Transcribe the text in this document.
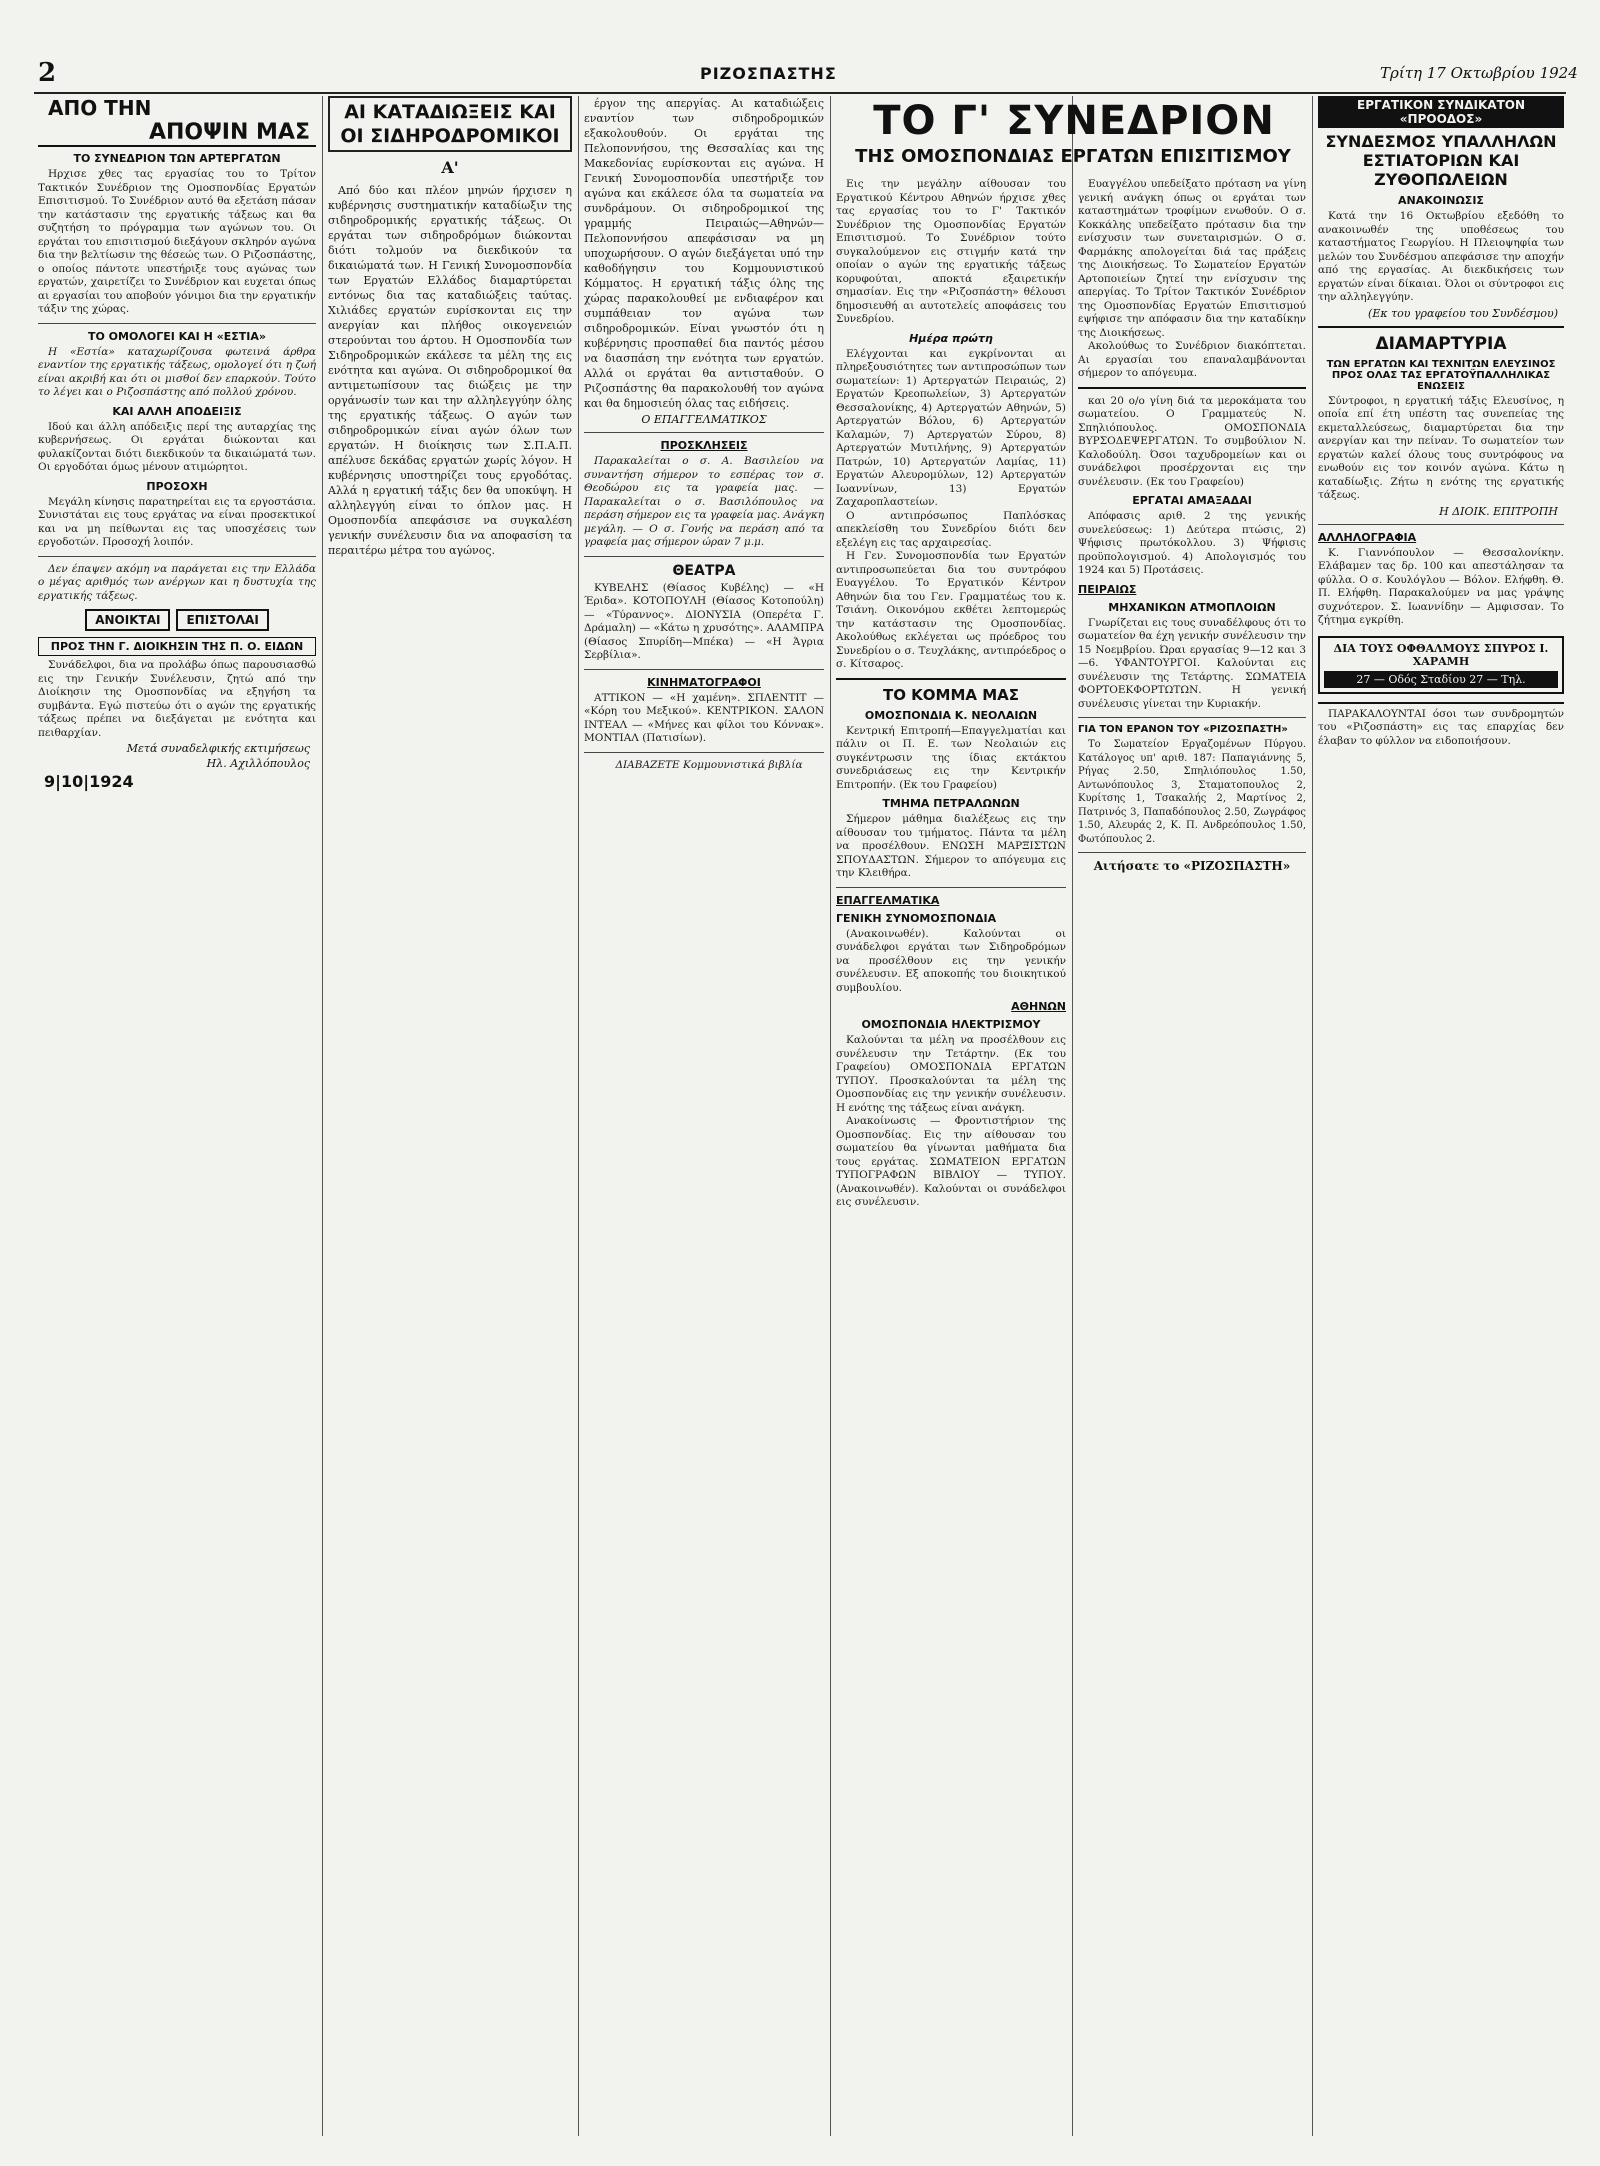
2	ΡΙΖΟΣΠΑΣΤΗΣ	Τρίτη 17 Οκτωβρίου 1924
ΑΠΟ ΤΗΝ
ΑΠΟΨΙΝ ΜΑΣ
ΤΟ ΣΥΝΕΔΡΙΟΝ ΤΩΝ ΑΡΤΕΡΓΑΤΩΝ
Ηρχισε χθες τας εργασίας του το Τρίτον Τακτικόν Συνέδριον της Ομοσπονδίας Εργατών Επισιτισμού. Το Συνέδριον αυτό θα εξετάση πάσαν την κατάστασιν της εργατικής τάξεως και θα συζητήση το πρόγραμμα των αγώνων του. Οι εργάται του επισιτισμού διεξάγουν σκληρόν αγώνα δια την βελτίωσιν της θέσεώς των. Ο Ριζοσπάστης, ο οποίος πάντοτε υπεστήριξε τους αγώνας των εργατών, χαιρετίζει το Συνέδριον και ευχεται όπως αι εργασίαι του αποβούν γόνιμοι δια την εργατικήν τάξιν της χώρας.
ΤΟ ΟΜΟΛΟΓΕΙ ΚΑΙ Η «ΕΣΤΙΑ»
Η «Εστία» καταχωρίζουσα φωτεινά άρθρα εναντίον της εργατικής τάξεως, ομολογεί ότι η ζωή είναι ακριβή και ότι οι μισθοί δεν επαρκούν. Τούτο το λέγει και ο Ριζοσπάστης από πολλού χρόνου.
ΚΑΙ ΑΛΛΗ ΑΠΟΔΕΙΞΙΣ
Ιδού και άλλη απόδειξις περί της αυταρχίας της κυβερνήσεως. Οι εργάται διώκονται και φυλακίζονται διότι διεκδικούν τα δικαιώματά των. Οι εργοδόται όμως μένουν ατιμώρητοι.
ΠΡΟΣΟΧΗ
Μεγάλη κίνησις παρατηρείται εις τα εργοστάσια. Συνιστάται εις τους εργάτας να είναι προσεκτικοί και να μη πείθωνται εις τας υποσχέσεις των εργοδοτών. Προσοχή λοιπόν.
Δεν έπαψεν ακόμη να παράγεται εις την Ελλάδα ο μέγας αριθμός των ανέργων και η δυστυχία της εργατικής τάξεως.
ΑΝΟΙΚΤΑΙ	ΕΠΙΣΤΟΛΑΙ
ΠΡΟΣ ΤΗΝ Γ. ΔΙΟΙΚΗΣΙΝ ΤΗΣ Π. Ο. ΕΙΔΩΝ
Συνάδελφοι, δια να προλάβω όπως παρουσιασθώ εις την Γενικήν Συνέλευσιν, ζητώ από την Διοίκησιν της Ομοσπονδίας να εξηγήση τα συμβάντα. Εγώ πιστεύω ότι ο αγών της εργατικής τάξεως πρέπει να διεξάγεται με ενότητα και πειθαρχίαν.
Μετά συναδελφικής εκτιμήσεως
Ηλ. Αχιλλόπουλος
9|10|1924
ΑΙ ΚΑΤΑΔΙΩΞΕΙΣ ΚΑΙ ΟΙ ΣΙΔΗΡΟΔΡΟΜΙΚΟΙ
Α'
Από δύο και πλέον μηνών ήρχισεν η κυβέρνησις συστηματικήν καταδίωξιν της σιδηροδρομικής εργατικής τάξεως. Οι εργάται των σιδηροδρόμων διώκονται διότι τολμούν να διεκδικούν τα δικαιώματά των. Η Γενική Συνομοσπονδία των Εργατών Ελλάδος διαμαρτύρεται εντόνως δια τας καταδιώξεις ταύτας. Χιλιάδες εργατών ευρίσκονται εις την ανεργίαν και πλήθος οικογενειών στερούνται του άρτου. Η Ομοσπονδία των Σιδηροδρομικών εκάλεσε τα μέλη της εις ενότητα και αγώνα. Οι σιδηροδρομικοί θα αντιμετωπίσουν τας διώξεις με την οργάνωσίν των και την αλληλεγγύην όλης της εργατικής τάξεως. Ο αγών των σιδηροδρομικών είναι αγών όλων των εργατών. Η διοίκησις των Σ.Π.Α.Π. απέλυσε δεκάδας εργατών χωρίς λόγον. Η κυβέρνησις υποστηρίζει τους εργοδότας. Αλλά η εργατική τάξις δεν θα υποκύψη. Η αλληλεγγύη είναι το όπλον μας. Η Ομοσπονδία απεφάσισε να συγκαλέση γενικήν συνέλευσιν δια να αποφασίση τα περαιτέρω μέτρα του αγώνος.
έργον της απεργίας. Αι καταδιώξεις εναντίον των σιδηροδρομικών εξακολουθούν. Οι εργάται της Πελοποννήσου, της Θεσσαλίας και της Μακεδονίας ευρίσκονται εις αγώνα. Η Γενική Συνομοσπονδία υπεστήριξε τον αγώνα και εκάλεσε όλα τα σωματεία να συνδράμουν. Οι σιδηροδρομικοί της γραμμής Πειραιώς—Αθηνών—Πελοποννήσου απεφάσισαν να μη υποχωρήσουν. Ο αγών διεξάγεται υπό την καθοδήγησιν του Κομμουνιστικού Κόμματος. Η εργατική τάξις όλης της χώρας παρακολουθεί με ενδιαφέρον και συμπάθειαν τον αγώνα των σιδηροδρομικών. Είναι γνωστόν ότι η κυβέρνησις προσπαθεί δια παντός μέσου να διασπάση την ενότητα των εργατών. Αλλά οι εργάται θα αντισταθούν. Ο Ριζοσπάστης θα παρακολουθή τον αγώνα και θα δημοσιεύη όλας τας ειδήσεις.
Ο ΕΠΑΓΓΕΛΜΑΤΙΚΟΣ
ΠΡΟΣΚΛΗΣΕΙΣ
Παρακαλείται ο σ. Α. Βασιλείου να συναντήση σήμερον το εσπέρας τον σ. Θεοδώρου εις τα γραφεία μας. — Παρακαλείται ο σ. Βασιλόπουλος να περάση σήμερον εις τα γραφεία μας. Ανάγκη μεγάλη. — Ο σ. Γονής να περάση από τα γραφεία μας σήμερον ώραν 7 μ.μ.
ΘΕΑΤΡΑ
ΚΥΒΕΛΗΣ (Θίασος Κυβέλης) — «Η Έριδα». ΚΟΤΟΠΟΥΛΗ (Θίασος Κοτοπούλη) — «Τύραννος». ΔΙΟΝΥΣΙΑ (Οπερέτα Γ. Δράμαλη) — «Κάτω η χρυσότης». ΑΛΑΜΠΡΑ (Θίασος Σπυρίδη—Μπέκα) — «Η Άγρια Σερβίλια».
ΚΙΝΗΜΑΤΟΓΡΑΦΟΙ
ΑΤΤΙΚΟΝ — «Η χαμένη». ΣΠΛΕΝΤΙΤ — «Κόρη του Μεξικού». ΚΕΝΤΡΙΚΟΝ. ΣΑΛΟΝ ΙΝΤΕΑΛ — «Μήνες και φίλοι του Κόννακ». ΜΟΝΤΙΑΛ (Πατισίων).
ΔΙΑΒΑΖΕΤΕ Κομμουνιστικά βιβλία
ΤΟ Γ' ΣΥΝΕΔΡΙΟΝ
ΤΗΣ ΟΜΟΣΠΟΝΔΙΑΣ ΕΡΓΑΤΩΝ ΕΠΙΣΙΤΙΣΜΟΥ
Εις την μεγάλην αίθουσαν του Εργατικού Κέντρου Αθηνών ήρχισε χθες τας εργασίας του το Γ' Τακτικόν Συνέδριον της Ομοσπονδίας Εργατών Επισιτισμού. Το Συνέδριον τούτο συγκαλούμενον εις στιγμήν κατά την οποίαν ο αγών της εργατικής τάξεως κορυφούται, αποκτά εξαιρετικήν σημασίαν. Εις την «Ριζοσπάστη» θέλουσι δημοσιευθή αι αυτοτελείς αποφάσεις του Συνεδρίου.
Ημέρα πρώτη
Ελέγχονται και εγκρίνονται αι πληρεξουσιότητες των αντιπροσώπων των σωματείων: 1) Αρτεργατών Πειραιώς, 2) Εργατών Κρεοπωλείων, 3) Αρτεργατών Θεσσαλονίκης, 4) Αρτεργατών Αθηνών, 5) Αρτεργατών Βόλου, 6) Αρτεργατών Καλαμών, 7) Αρτεργατών Σύρου, 8) Αρτεργατών Μυτιλήνης, 9) Αρτεργατών Πατρών, 10) Αρτεργατών Λαμίας, 11) Εργατών Αλευρομύλων, 12) Αρτεργατών Ιωαννίνων, 13) Εργατών Ζαχαροπλαστείων.
Ο αντιπρόσωπος Παπλόσκας απεκλείσθη του Συνεδρίου διότι δεν εξελέγη εις τας αρχαιρεσίας.
Η Γεν. Συνομοσπονδία των Εργατών αντιπροσωπεύεται δια του συντρόφου Ευαγγέλου. Το Εργατικόν Κέντρον Αθηνών δια του Γεν. Γραμματέως του κ. Τσιάνη. Οικονόμου εκθέτει λεπτομερώς την κατάστασιν της Ομοσπονδίας. Ακολούθως εκλέγεται ως πρόεδρος του Συνεδρίου ο σ. Τευχλάκης, αντιπρόεδρος ο σ. Κίτσαρος.
ΤΟ ΚΟΜΜΑ ΜΑΣ
ΟΜΟΣΠΟΝΔΙΑ Κ. ΝΕΟΛΑΙΩΝ
Κεντρική Επιτροπή—Επαγγελματίαι και πάλιν οι Π. Ε. των Νεολαιών εις συγκέντρωσιν της ίδιας εκτάκτου συνεδριάσεως εις την Κεντρικήν Επιτροπήν. (Εκ του Γραφείου)
ΤΜΗΜΑ ΠΕΤΡΑΛΩΝΩΝ
Σήμερον μάθημα διαλέξεως εις την αίθουσαν του τμήματος. Πάντα τα μέλη να προσέλθουν. ΕΝΩΣΗ ΜΑΡΞΙΣΤΩΝ ΣΠΟΥΔΑΣΤΩΝ. Σήμερον το απόγευμα εις την Κλειθήρα.
ΕΠΑΓΓΕΛΜΑΤΙΚΑ
ΓΕΝΙΚΗ ΣΥΝΟΜΟΣΠΟΝΔΙΑ
(Ανακοινωθέν). Καλούνται οι συνάδελφοι εργάται των Σιδηροδρόμων να προσέλθουν εις την γενικήν συνέλευσιν. Εξ αποκοπής του διοικητικού συμβουλίου.
ΑΘΗΝΩΝ
ΟΜΟΣΠΟΝΔΙΑ ΗΛΕΚΤΡΙΣΜΟΥ
Καλούνται τα μέλη να προσέλθουν εις συνέλευσιν την Τετάρτην. (Εκ του Γραφείου) ΟΜΟΣΠΟΝΔΙΑ ΕΡΓΑΤΩΝ ΤΥΠΟΥ. Προσκαλούνται τα μέλη της Ομοσπονδίας εις την γενικήν συνέλευσιν. Η ενότης της τάξεως είναι ανάγκη.
Ανακοίνωσις — Φροντιστήριον της Ομοσπονδίας. Εις την αίθουσαν του σωματείου θα γίνωνται μαθήματα δια τους εργάτας. ΣΩΜΑΤΕΙΟΝ ΕΡΓΑΤΩΝ ΤΥΠΟΓΡΑΦΩΝ ΒΙΒΛΙΟΥ — ΤΥΠΟΥ. (Ανακοινωθέν). Καλούνται οι συνάδελφοι εις συνέλευσιν.
Ευαγγέλου υπεδείξατο πρόταση να γίνη γενική ανάγκη όπως οι εργάται των καταστημάτων τροφίμων ενωθούν. Ο σ. Κοκκάλης υπεδείξατο πρότασιν δια την ενίσχυσιν των συνεταιρισμών. Ο σ. Φαρμάκης απολογείται διά τας πράξεις της Διοικήσεως. Το Σωματείον Εργατών Αρτοποιείων ζητεί την ενίσχυσιν της απεργίας. Το Τρίτον Τακτικόν Συνέδριον της Ομοσπονδίας Εργατών Επισιτισμού εψήφισε την απόφασιν δια την καταδίκην της Διοικήσεως.
Ακολούθως το Συνέδριον διακόπτεται. Αι εργασίαι του επαναλαμβάνονται σήμερον το απόγευμα.
και 20 ο/ο γίνη διά τα μεροκάματα του σωματείου. Ο Γραμματεύς Ν. Σπηλιόπουλος. ΟΜΟΣΠΟΝΔΙΑ ΒΥΡΣΟΔΕΨΕΡΓΑΤΩΝ. Το συμβούλιον Ν. Καλοδούλη. Όσοι ταχυδρομείων και οι συνάδελφοι προσέρχονται εις την συνέλευσιν. (Εκ του Γραφείου)
ΕΡΓΑΤΑΙ ΑΜΑΞΑΔΑΙ
Απόφασις αριθ. 2 της γενικής συνελεύσεως: 1) Δεύτερα πτώσις, 2) Ψήφισις πρωτόκολλου. 3) Ψήφισις προϋπολογισμού. 4) Απολογισμός του 1924 και 5) Προτάσεις.
ΠΕΙΡΑΙΩΣ
ΜΗΧΑΝΙΚΩΝ ΑΤΜΟΠΛΟΙΩΝ
Γνωρίζεται εις τους συναδέλφους ότι το σωματείον θα έχη γενικήν συνέλευσιν την 15 Νοεμβρίου. Ώραι εργασίας 9—12 και 3—6. ΥΦΑΝΤΟΥΡΓΟΙ. Καλούνται εις συνέλευσιν της Τετάρτης. ΣΩΜΑΤΕΙΑ ΦΟΡΤΟΕΚΦΟΡΤΩΤΩΝ. Η γενική συνέλευσις γίνεται την Κυριακήν.
ΓΙΑ ΤΟΝ ΕΡΑΝΟΝ ΤΟΥ «ΡΙΖΟΣΠΑΣΤΗ»
Το Σωματείον Εργαζομένων Πύργου. Κατάλογος υπ' αριθ. 187: Παπαγιάννης 5, Ρήγας 2.50, Σπηλιόπουλος 1.50, Αντωνόπουλος 3, Σταματοπουλος 2, Κυρίτσης 1, Τσακαλής 2, Μαρτίνος 2, Πατρινός 3, Παπαδόπουλος 2.50, Ζωγράφος 1.50, Αλευράς 2, Κ. Π. Ανδρεόπουλος 1.50, Φωτόπουλος 2.
Αιτήσατε το «ΡΙΖΟΣΠΑΣΤΗ»
ΕΡΓΑΤΙΚΟΝ ΣΥΝΔΙΚΑΤΟΝ «ΠΡΟΟΔΟΣ»
ΣΥΝΔΕΣΜΟΣ ΥΠΑΛΛΗΛΩΝ ΕΣΤΙΑΤΟΡΙΩΝ ΚΑΙ ΖΥΘΟΠΩΛΕΙΩΝ
ΑΝΑΚΟΙΝΩΣΙΣ
Κατά την 16 Οκτωβρίου εξεδόθη το ανακοινωθέν της υποθέσεως του καταστήματος Γεωργίου. Η Πλειοψηφία των μελών του Συνδέσμου απεφάσισε την αποχήν από της εργασίας. Αι διεκδικήσεις των εργατών είναι δίκαιαι. Όλοι οι σύντροφοι εις την αλληλεγγύην.
(Εκ του γραφείου του Συνδέσμου)
ΔΙΑΜΑΡΤΥΡΙΑ
ΤΩΝ ΕΡΓΑΤΩΝ ΚΑΙ ΤΕΧΝΙΤΩΝ ΕΛΕΥΣΙΝΟΣ ΠΡΟΣ ΟΛΑΣ ΤΑΣ ΕΡΓΑΤΟΫΠΑΛΛΗΛΙΚΑΣ ΕΝΩΣΕΙΣ
Σύντροφοι, η εργατική τάξις Ελευσίνος, η οποία επί έτη υπέστη τας συνεπείας της εκμεταλλεύσεως, διαμαρτύρεται δια την ανεργίαν και την πείναν. Το σωματείον των εργατών καλεί όλους τους συντρόφους να ενωθούν εις τον κοινόν αγώνα. Κάτω η καταδίωξις. Ζήτω η ενότης της εργατικής τάξεως.
Η ΔΙΟΙΚ. ΕΠΙΤΡΟΠΗ
ΑΛΛΗΛΟΓΡΑΦΙΑ
Κ. Γιαννόπουλον — Θεσσαλονίκην. Ελάβαμεν τας δρ. 100 και απεστάλησαν τα φύλλα. Ο σ. Κουλόγλου — Βόλον. Ελήφθη. Θ. Π. Ελήφθη. Παρακαλούμεν να μας γράψης συχνότερον. Σ. Ιωαννίδην — Αμφισσαν. Το ζήτημα εγκρίθη.
ΔΙΑ ΤΟΥΣ ΟΦΘΑΛΜΟΥΣ ΣΠΥΡΟΣ Ι. ΧΑΡΑΜΗ
27 — Οδός Σταδίου 27 — Τηλ.
ΠΑΡΑΚΑΛΟΥΝΤΑΙ όσοι των συνδρομητών του «Ριζοσπάστη» εις τας επαρχίας δεν έλαβαν το φύλλον να ειδοποιήσουν.
